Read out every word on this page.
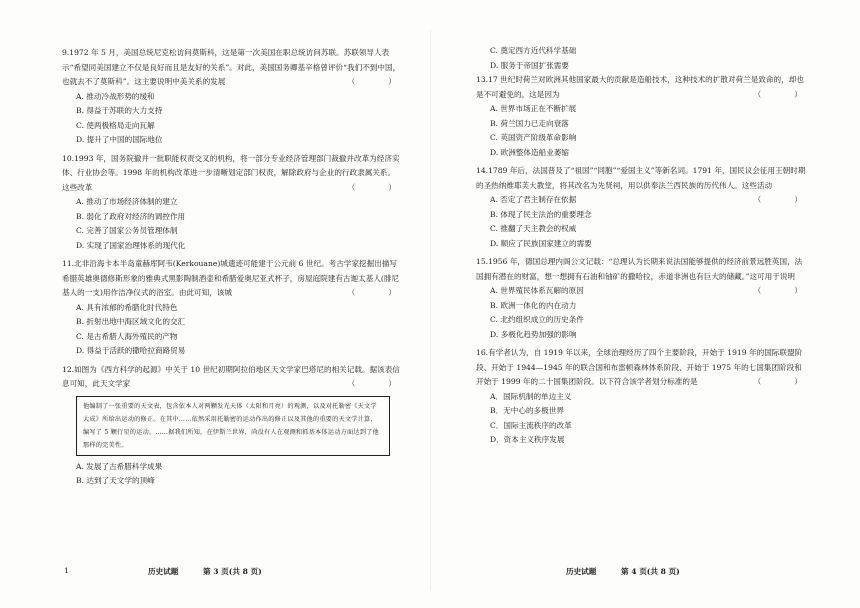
9.1972 年 5 月，美国总统尼克松访问莫斯科，这是第一次美国在职总统访问苏联。苏联领导人表示“希望同美国建立不仅是良好而且是友好的关系”。对此，美国国务卿基辛格曾评价“我们不到中国，也就去不了莫斯科”。这主要说明中美关系的发展	（　　）
A. 推动冷战形势的缓和
B. 得益于苏联的大力支持
C. 使两极格局走向瓦解
D. 提升了中国的国际地位
10.1993 年，国务院撤并一批职能权责交叉的机构，将一部分专业经济管理部门裁撤并改革为经济实体、行业协会等。1998 年的机构改革进一步清晰划定部门权责，解除政府与企业的行政隶属关系。这些改革	（　　）
A. 推动了市场经济体制的建立
B. 弱化了政府对经济的调控作用
C. 完善了国家公务员管理体制
D. 实现了国家治理体系的现代化
11.北非沿海卡本半岛童赫库阿韦(Kerkouane)城遗迹可能建于公元前 6 世纪。考古学家挖掘出描写希腊英雄奥德修斯形象的雅典式黑影陶制酒壶和希腊爱奥尼亚式杯子，房屋庭院建有古迦太基人(腓尼基人的一支)用作洁净仪式的浴室。由此可知，该城	（　　）
A. 具有浓郁的希腊化时代特色
B. 折射出地中海区域文化的交汇
C. 是古希腊人海外殖民的产物
D. 得益于活跃的撒哈拉商路贸易
12.如图为《西方科学的起源》中关于 10 世纪初期阿拉伯地区天文学家巴塔尼的相关记载。据该表信息可知，此天文学家	（　　）
他编制了一张重要的天文表，包含依本人对两颗发光天体（太阳和月亮）的观测，以及对托勒密《天文学大成》所给出运动的修正。在其中……依然采用托勒密的运动作出的修正以及其他的重要的天文学计算，编写了 5 颗行星的运动。……据我们所知，在伊斯兰世界，尚没有人在观测和抓基本体运动方面达到了他那样的完美性。
A. 发展了古希腊科学成果
B. 达到了天文学的顶峰
1	历史试题	第 3 页(共 8 页)
C. 奠定西方近代科学基础
D. 服务于帝国扩张需要
13.17 世纪时荷兰对欧洲其他国家最大的贡献是造船技术，这种技术的扩散对荷兰是致命的，却也是不可避免的。这是因为	（　　）
A. 世界市场正在不断扩展
B. 荷兰国力已走向衰落
C. 英国资产阶级革命影响
D. 欧洲整体造船业萎缩
14.1789 年后，法国普及了“祖国”“同胞”“爱国主义”等新名词。1791 年，国民议会征用王朝时期的圣热纳维耶芙大教堂，将其改名为先贤祠，用以供奉法兰西民族的历代伟人。这些活动
（　　）
A. 否定了君主制存在依据
B. 体现了民主法治的重要理念
C. 推翻了天主教会的权威
D. 顺应了民族国家建立的需要
15.1956 年，德国总理内阁公文记载：“总理认为长期来说法国能够提供的经济前景远胜英国，法国拥有潜在的财富，想一想拥有石油和铀矿的撒哈拉，赤道非洲也有巨大的储藏。”这可用于说明
（　　）
A. 世界殖民体系瓦解的原因
B. 欧洲一体化的内在动力
C. 北约组织成立的历史条件
D. 多极化趋势加强的影响
16.有学者认为，自 1919 年以来，全球治理经历了四个主要阶段，开始于 1919 年的国际联盟阶段、开始于 1944—1945 年的联合国和布雷顿森林体系阶段、开始于 1975 年的七国集团阶段和开始于 1999 年的二十国集团阶段。以下符合该学者划分标准的是	（　　）
A．国际机制的单边主义
B．无中心的多极世界
C．国际主流秩序的改革
D．资本主义秩序发展
历史试题	第 4 页(共 8 页)
